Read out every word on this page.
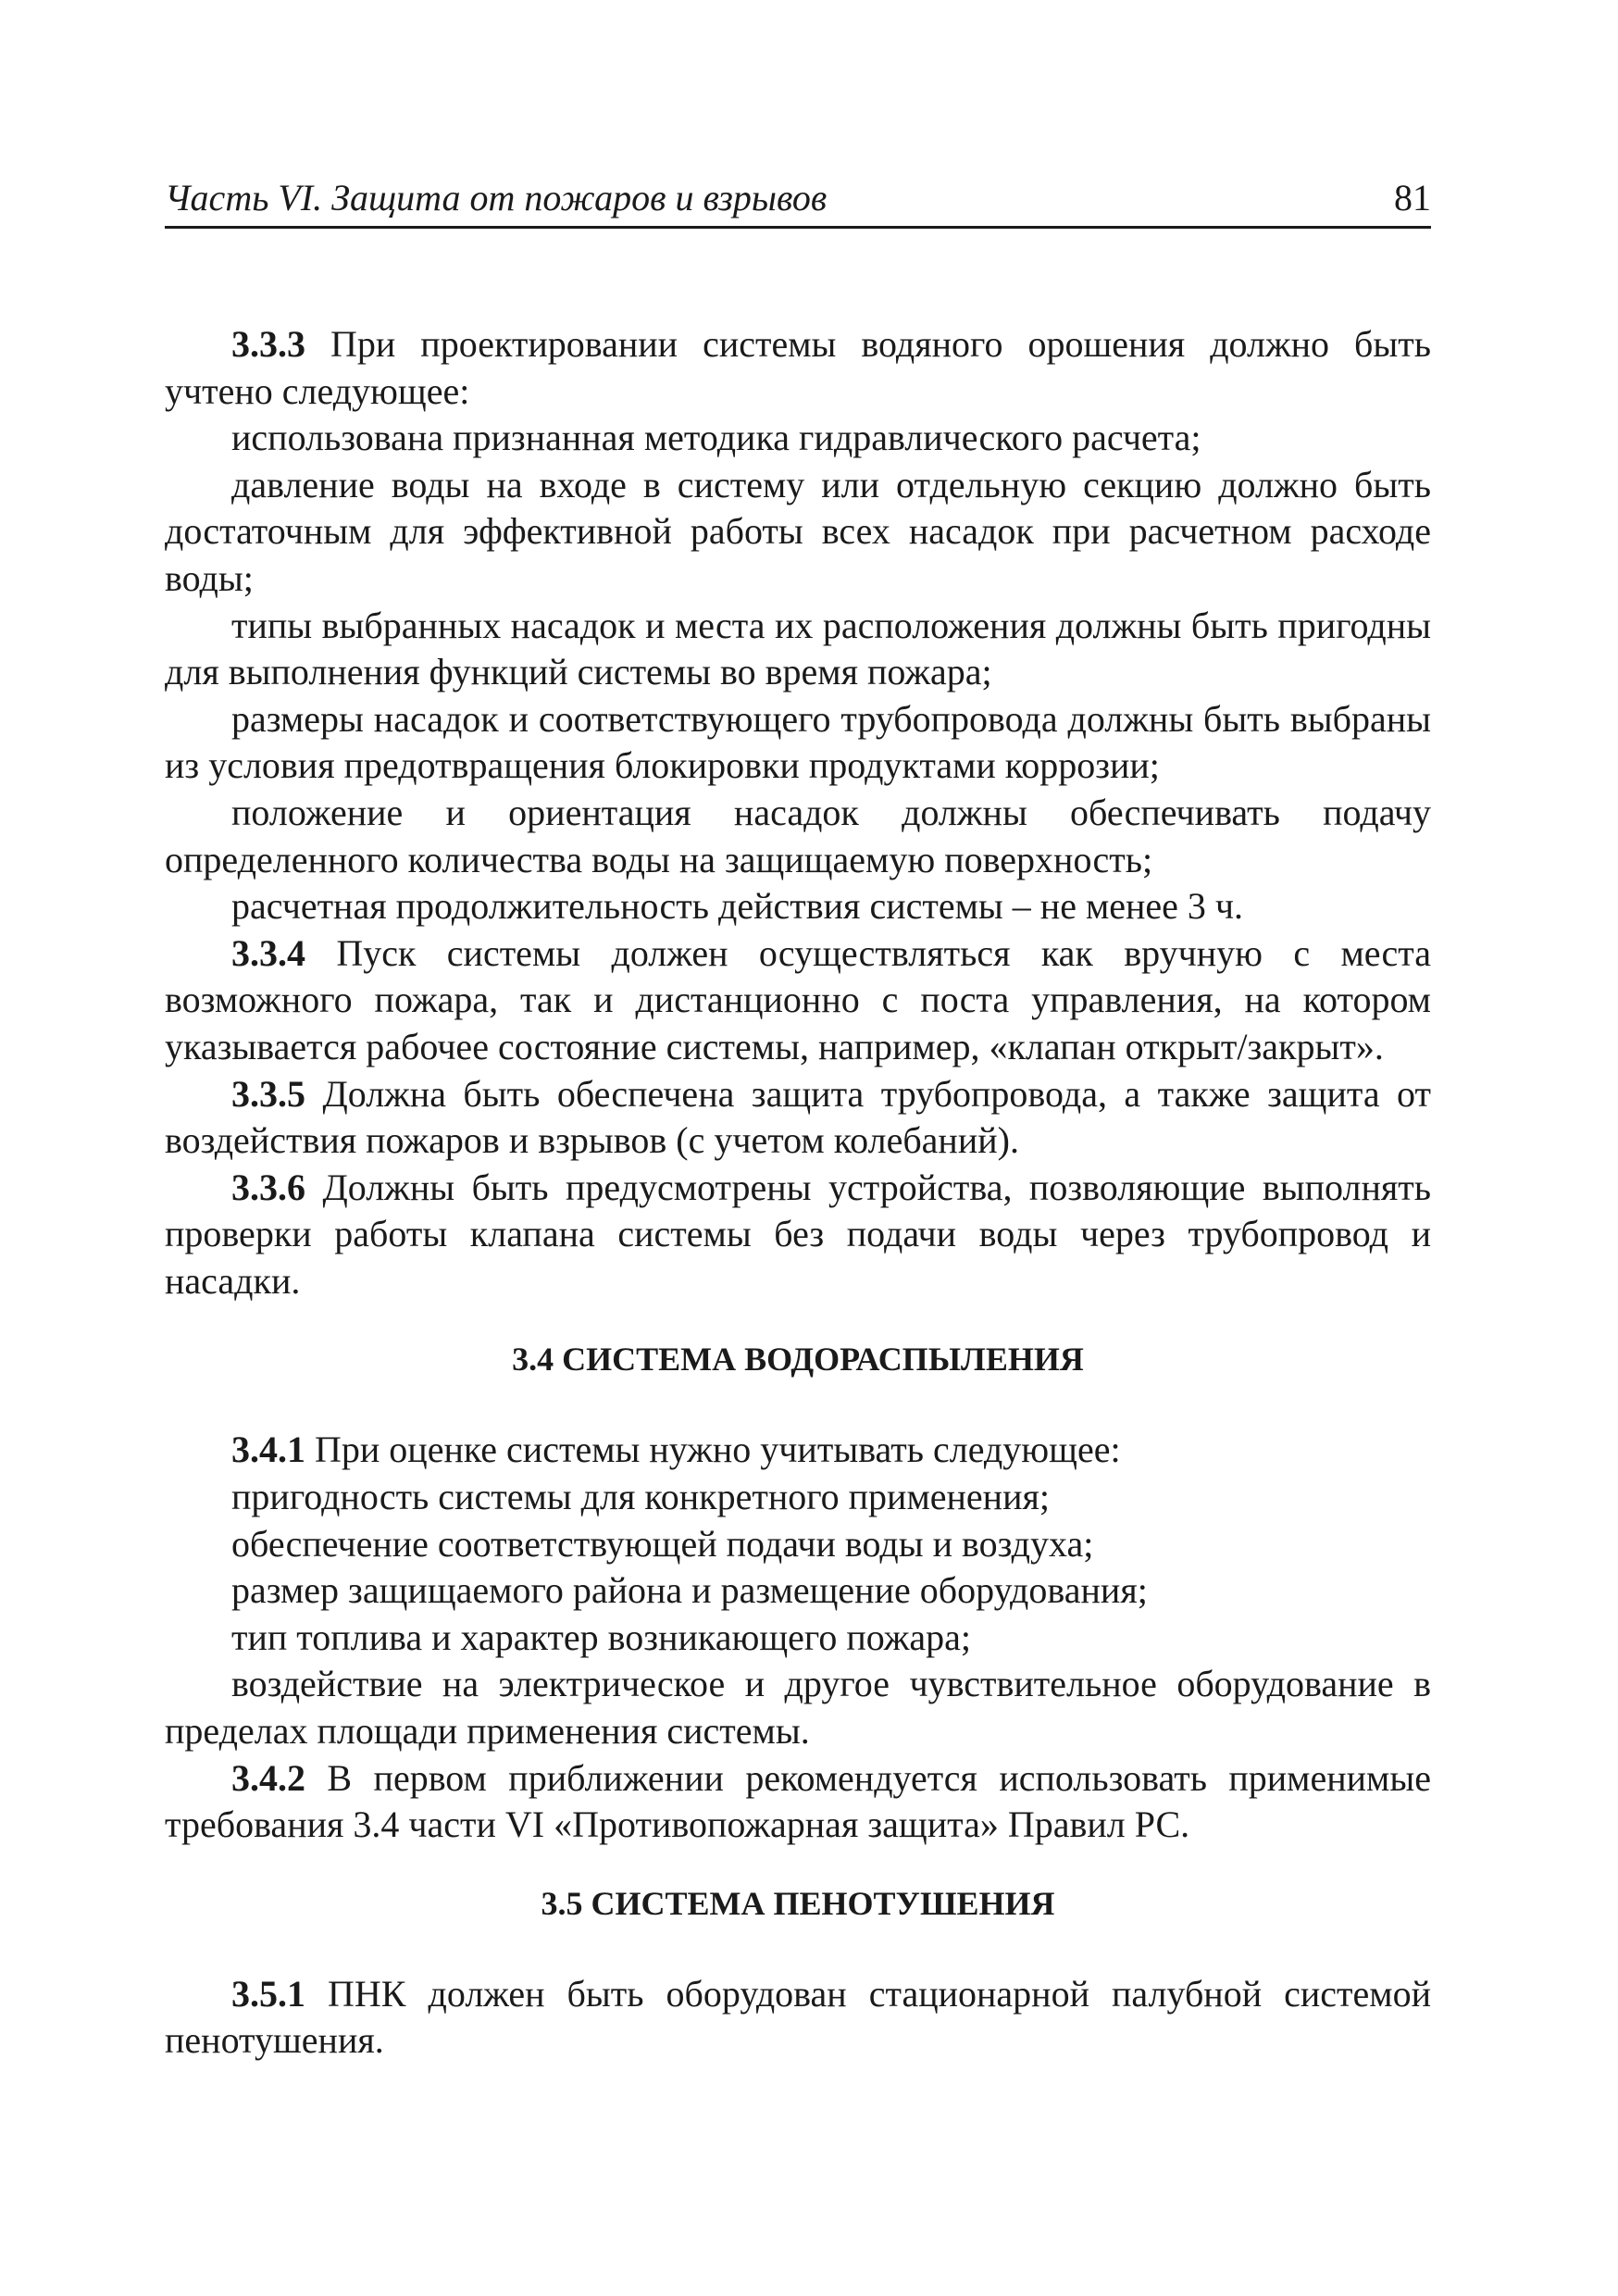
Часть VI. Защита от пожаров и взрывов	81

3.3.3 При проектировании системы водяного орошения должно быть учтено следующее:

использована признанная методика гидравлического расчета;

давление воды на входе в систему или отдельную секцию должно быть достаточным для эффективной работы всех насадок при расчетном расходе воды;

типы выбранных насадок и места их расположения должны быть пригодны для выполнения функций системы во время пожара;

размеры насадок и соответствующего трубопровода должны быть выбраны из условия предотвращения блокировки продуктами коррозии;

положение и ориентация насадок должны обеспечивать подачу определенного количества воды на защищаемую поверхность;

расчетная продолжительность действия системы – не менее 3 ч.

3.3.4 Пуск системы должен осуществляться как вручную с места возможного пожара, так и дистанционно с поста управления, на котором указывается рабочее состояние системы, например, «клапан открыт/закрыт».

3.3.5 Должна быть обеспечена защита трубопровода, а также защита от воздействия пожаров и взрывов (с учетом колебаний).

3.3.6 Должны быть предусмотрены устройства, позволяющие выполнять проверки работы клапана системы без подачи воды через трубопровод и насадки.

3.4 СИСТЕМА ВОДОРАСПЫЛЕНИЯ

3.4.1 При оценке системы нужно учитывать следующее:

пригодность системы для конкретного применения;

обеспечение соответствующей подачи воды и воздуха;

размер защищаемого района и размещение оборудования;

тип топлива и характер возникающего пожара;

воздействие на электрическое и другое чувствительное оборудование в пределах площади применения системы.

3.4.2 В первом приближении рекомендуется использовать применимые требования 3.4 части VI «Противопожарная защита» Правил РС.

3.5 СИСТЕМА ПЕНОТУШЕНИЯ

3.5.1 ПНК должен быть оборудован стационарной палубной системой пенотушения.
